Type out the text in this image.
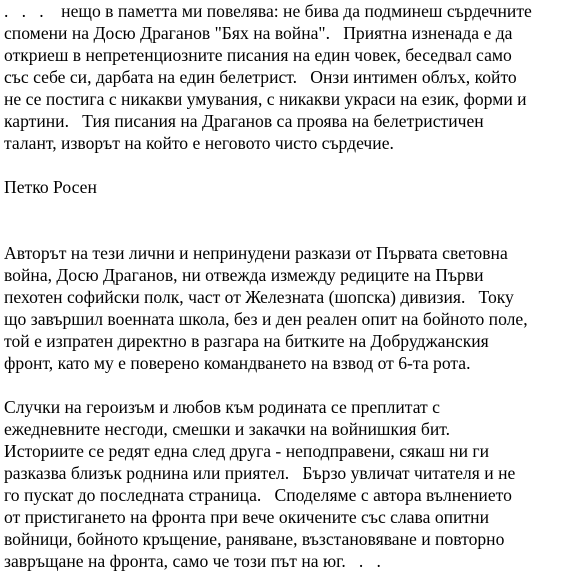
.   .   .    нещо в паметта ми повелява: не бива да подминеш сърдечните
спомени на Досю Драганов "Бях на война".   Приятна изненада е да
откриеш в непретенциозните писания на един човек, беседвал само
със себе си, дарбата на един белетрист.   Онзи интимен облъх, който
не се постига с никакви умувания, с никакви украси на език, форми и
картини.   Тия писания на Драганов са проява на белетристичен
талант, изворът на който е неговото чисто сърдечие.
Петко Росен
Авторът на тези лични и непринудени разкази от Първата световна
война, Досю Драганов, ни отвежда измежду редиците на Първи
пехотен софийски полк, част от Железната (шопска) дивизия.   Току
що завършил военната школа, без и ден реален опит на бойното поле,
той е изпратен директно в разгара на битките на Добруджанския
фронт, като му е поверено командването на взвод от 6-та рота.
Случки на героизъм и любов към родината се преплитат с
ежедневните несгоди, смешки и закачки на войнишкия бит.
Историите се редят една след друга - неподправени, сякаш ни ги
разказва близък роднина или приятел.   Бързо увличат читателя и не
го пускат до последната страница.   Споделяме с автора вълнението
от пристигането на фронта при вече окичените със слава опитни
войници, бойното кръщение, раняване, възстановяване и повторно
завръщане на фронта, само че този път на юг.   .   .
